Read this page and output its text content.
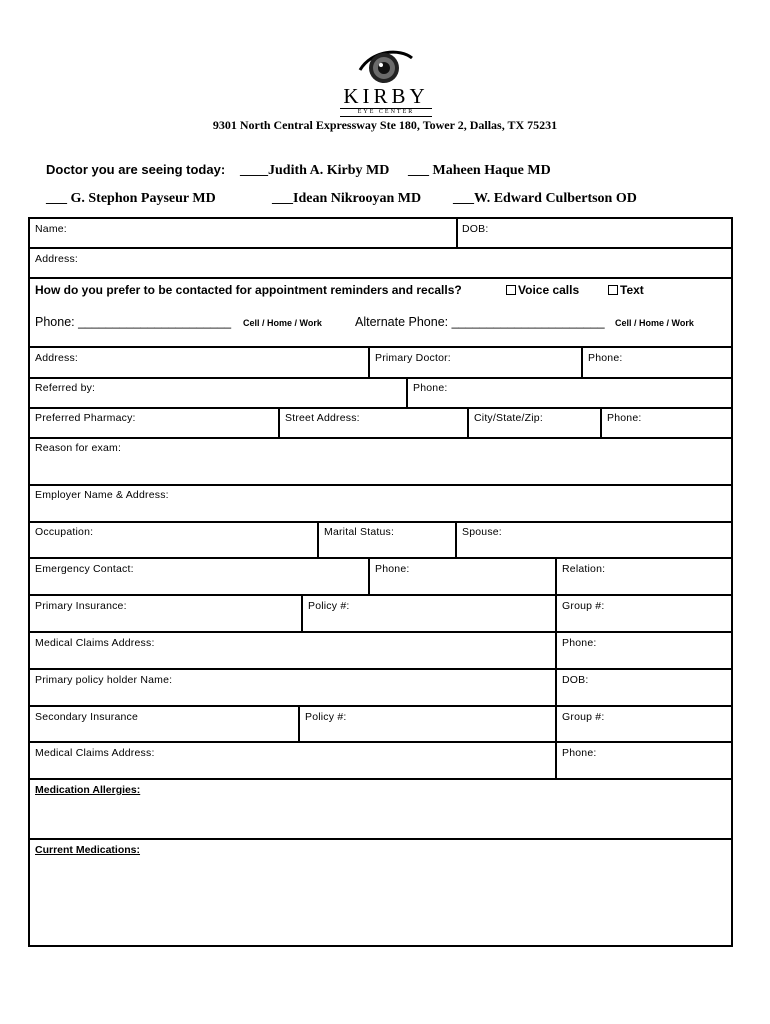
KIRBY
EYE CENTER
9301 North Central Expressway Ste 180, Tower 2, Dallas, TX 75231
Doctor you are seeing today: ____Judith A. Kirby MD ___ Maheen Haque MD
___ G. Stephon Payseur MD	___Idean Nikrooyan MD ___W. Edward Culbertson OD
Name:	DOB:
Address:
How do you prefer to be contacted for appointment reminders and recalls?	Voice calls	Text
Phone: ______________________ Cell / Home / Work	Alternate Phone: ______________________ Cell / Home / Work
Address:	Primary Doctor:	Phone:
Referred by:	Phone:
Preferred Pharmacy:	Street Address:	City/State/Zip:	Phone:
Reason for exam:
Employer Name & Address:
Occupation:	Marital Status:	Spouse:
Emergency Contact:	Phone:	Relation:
Primary Insurance:	Policy #:	Group #:
Medical Claims Address:	Phone:
Primary policy holder Name:	DOB:
Secondary Insurance	Policy #:	Group #:
Medical Claims Address:	Phone:
Medication Allergies:
Current Medications:
